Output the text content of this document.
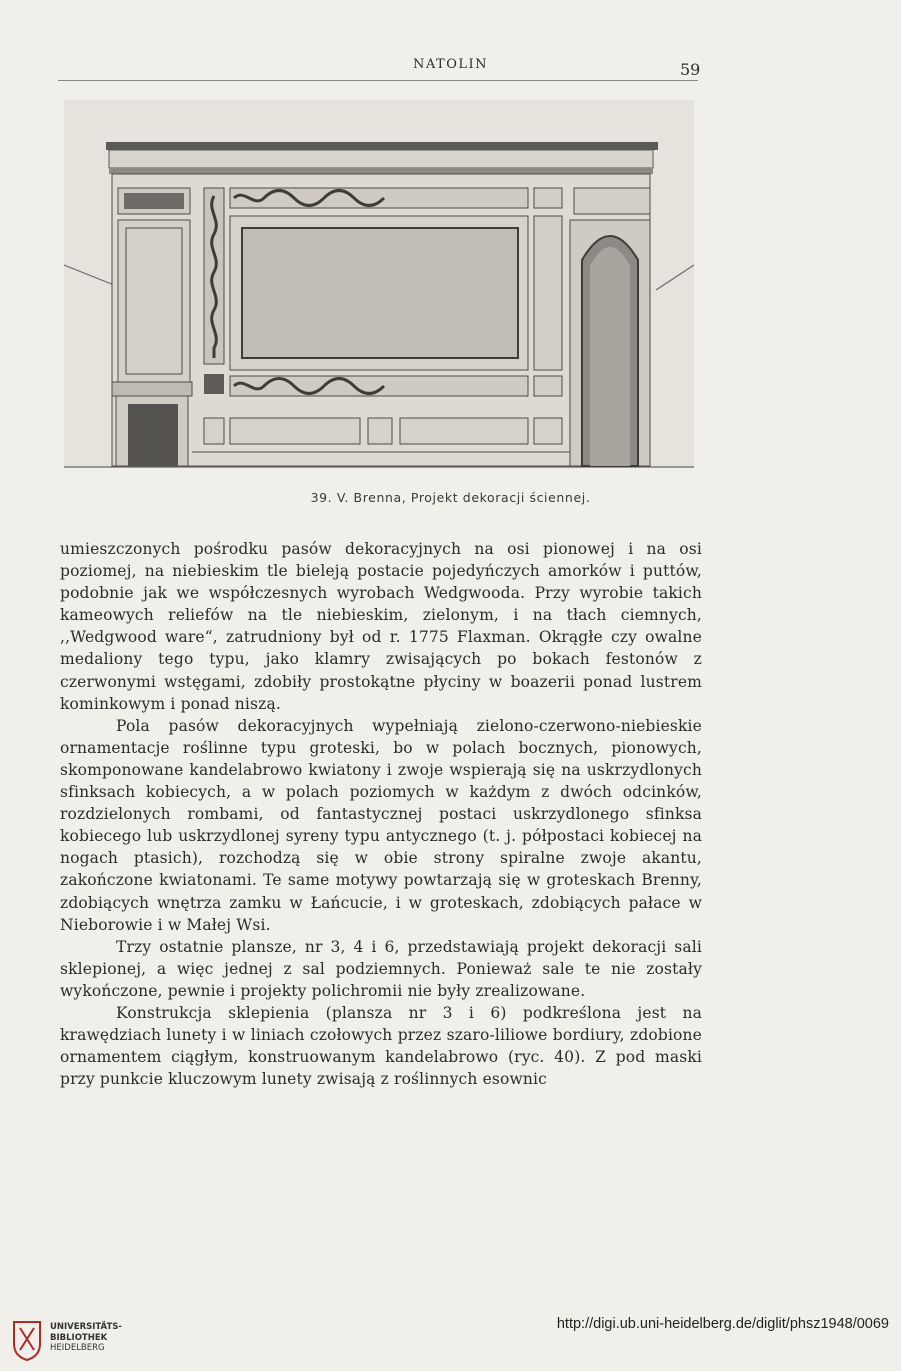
NATOLIN	59
39. V. Brenna, Projekt dekoracji ściennej.

umieszczonych pośrodku pasów dekoracyjnych na osi pionowej i na osi poziomej, na niebieskim tle bieleją postacie pojedyńczych amorków i puttów, podobnie jak we współczesnych wyrobach Wedgwooda. Przy wyrobie takich kameowych reliefów na tle niebieskim, zielonym, i na tłach ciemnych, ,,Wedgwood ware“, zatrudniony był od r. 1775 Flaxman. Okrągłe czy owalne medaliony tego typu, jako klamry zwisających po bokach festonów z czerwonymi wstęgami, zdobiły prostokątne płyciny w boazerii ponad lustrem kominkowym i ponad niszą.

Pola pasów dekoracyjnych wypełniają zielono-czerwono-niebieskie ornamentacje roślinne typu groteski, bo w polach bocznych, pionowych, skomponowane kandelabrowo kwiatony i zwoje wspierają się na uskrzydlonych sfinksach kobiecych, a w polach poziomych w każdym z dwóch odcinków, rozdzielonych rombami, od fantastycznej postaci uskrzydlonego sfinksa kobiecego lub uskrzydlonej syreny typu antycznego (t. j. półpostaci kobiecej na nogach ptasich), rozchodzą się w obie strony spiralne zwoje akantu, zakończone kwiatonami. Te same motywy powtarzają się w groteskach Brenny, zdobiących wnętrza zamku w Łańcucie, i w groteskach, zdobiących pałace w Nieborowie i w Małej Wsi.

Trzy ostatnie plansze, nr 3, 4 i 6, przedstawiają projekt dekoracji sali sklepionej, a więc jednej z sal podziemnych. Ponieważ sale te nie zostały wykończone, pewnie i projekty polichromii nie były zrealizowane.

Konstrukcja sklepienia (plansza nr 3 i 6) podkreślona jest na krawędziach lunety i w liniach czołowych przez szaro-liliowe bordiury, zdobione ornamentem ciągłym, konstruowanym kandelabrowo (ryc. 40). Z pod maski przy punkcie kluczowym lunety zwisają z roślinnych esownic

UNIVERSITÄTS-
BIBLIOTHEK
HEIDELBERG
http://digi.ub.uni-heidelberg.de/diglit/phsz1948/0069
